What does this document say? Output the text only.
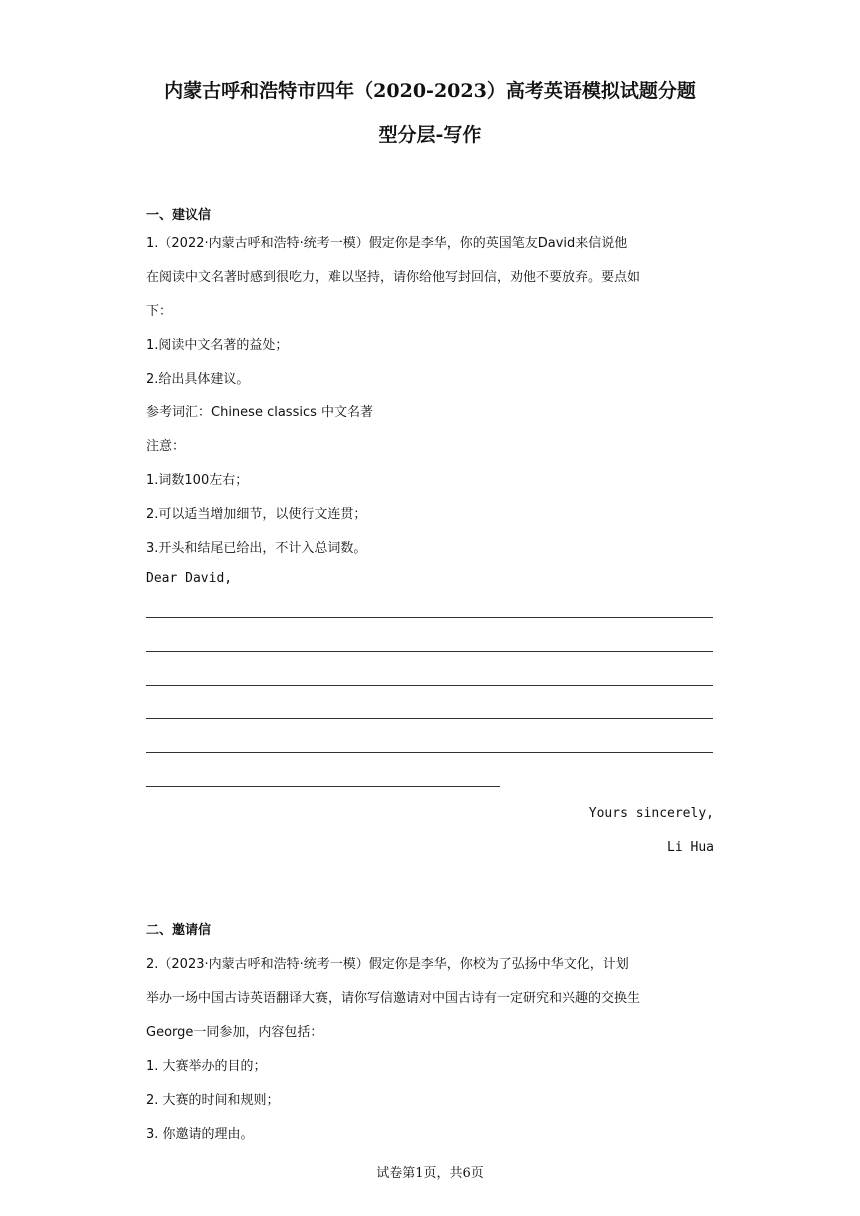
内蒙古呼和浩特市四年（2020-2023）高考英语模拟试题分题
型分层-写作
一、建议信
1.（2022·内蒙古呼和浩特·统考一模）假定你是李华，你的英国笔友David来信说他
在阅读中文名著时感到很吃力，难以坚持，请你给他写封回信，劝他不要放弃。要点如
下：
1.阅读中文名著的益处；
2.给出具体建议。
参考词汇：Chinese classics 中文名著
注意：
1.词数100左右；
2.可以适当增加细节，以使行文连贯；
3.开头和结尾已给出，不计入总词数。
Dear David,
Yours sincerely,
Li Hua
二、邀请信
2.（2023·内蒙古呼和浩特·统考一模）假定你是李华，你校为了弘扬中华文化，计划
举办一场中国古诗英语翻译大赛，请你写信邀请对中国古诗有一定研究和兴趣的交换生
George一同参加，内容包括：
1. 大赛举办的目的；
2. 大赛的时间和规则；
3. 你邀请的理由。
试卷第1页，共6页
